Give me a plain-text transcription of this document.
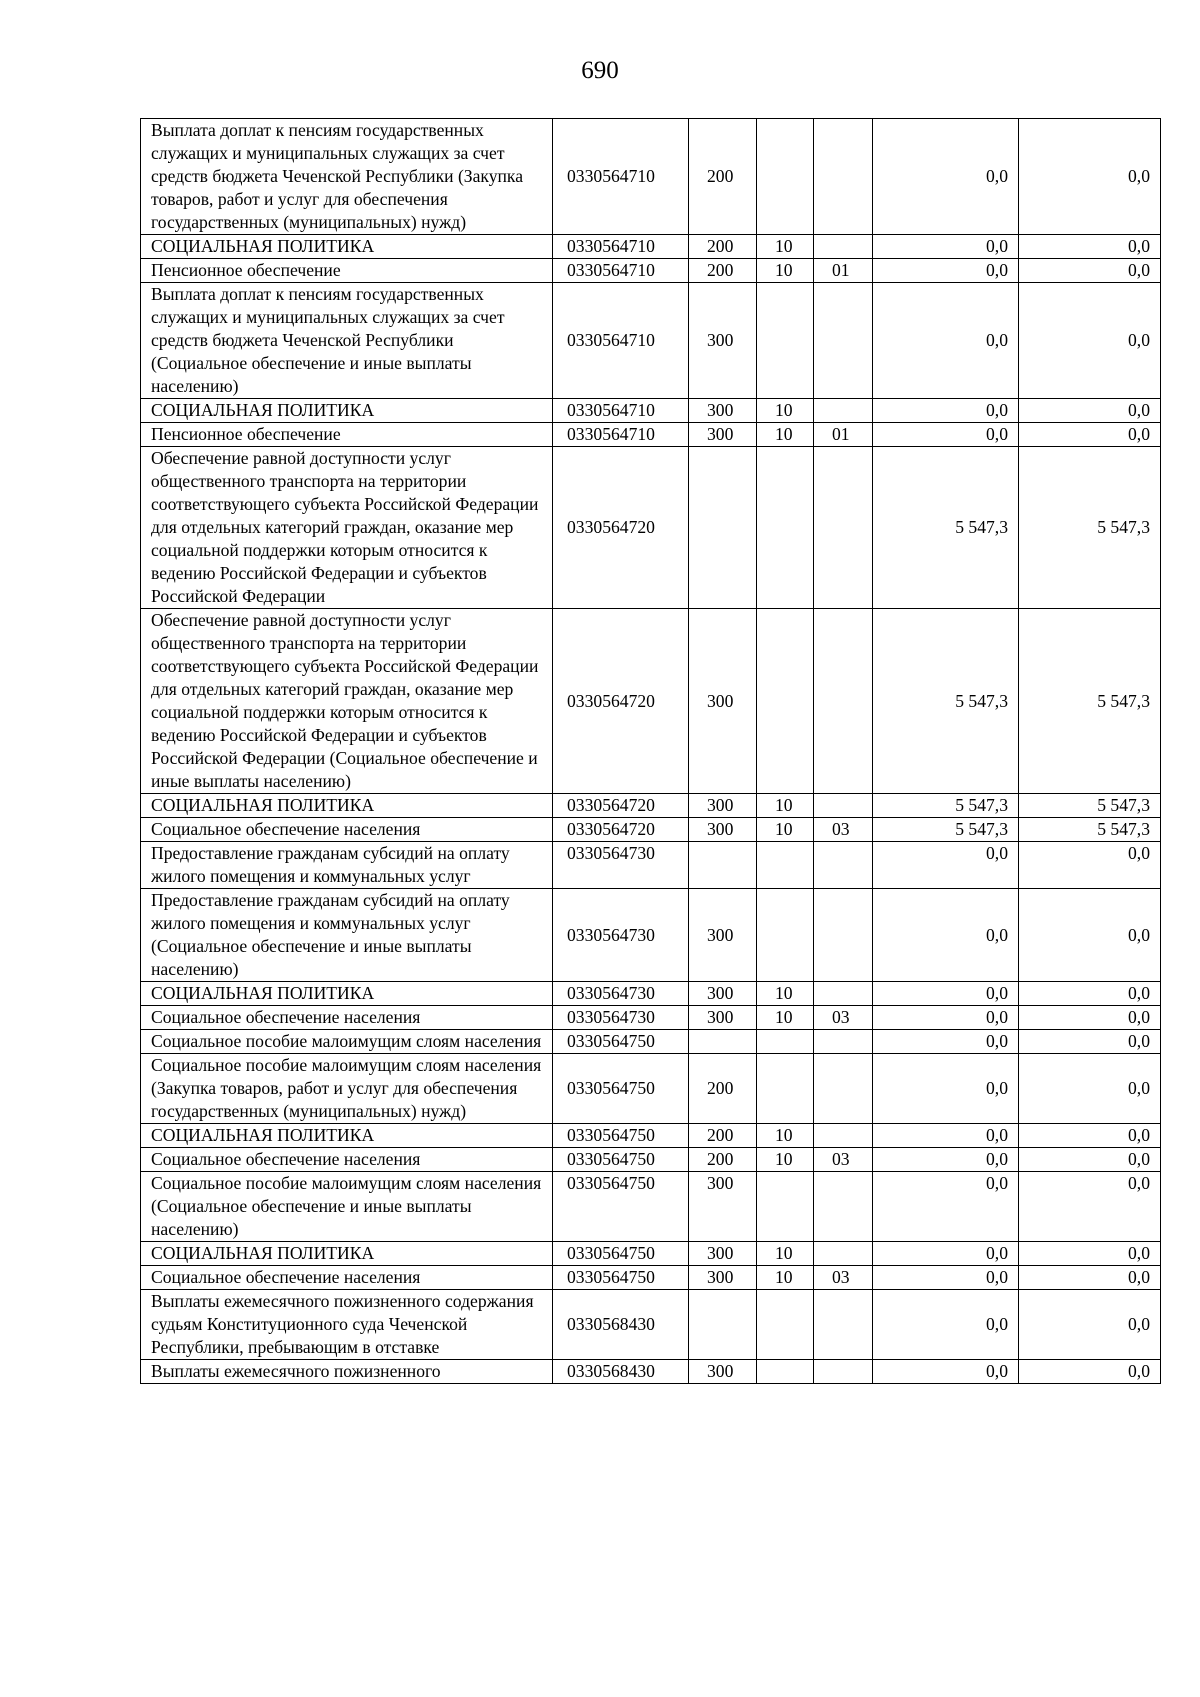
690
Выплата доплат к пенсиям государственных служащих и муниципальных служащих за счет средств бюджета Чеченской Республики (Закупка товаров, работ и услуг для обеспечения государственных (муниципальных) нужд)	0330564710	200			0,0	0,0
СОЦИАЛЬНАЯ ПОЛИТИКА	0330564710	200	10		0,0	0,0
Пенсионное обеспечение	0330564710	200	10	01	0,0	0,0
Выплата доплат к пенсиям государственных служащих и муниципальных служащих за счет средств бюджета Чеченской Республики (Социальное обеспечение и иные выплаты населению)	0330564710	300			0,0	0,0
СОЦИАЛЬНАЯ ПОЛИТИКА	0330564710	300	10		0,0	0,0
Пенсионное обеспечение	0330564710	300	10	01	0,0	0,0
Обеспечение равной доступности услуг общественного транспорта на территории соответствующего субъекта Российской Федерации для отдельных категорий граждан, оказание мер социальной поддержки которым относится к ведению Российской Федерации и субъектов Российской Федерации	0330564720				5 547,3	5 547,3
Обеспечение равной доступности услуг общественного транспорта на территории соответствующего субъекта Российской Федерации для отдельных категорий граждан, оказание мер социальной поддержки которым относится к ведению Российской Федерации и субъектов Российской Федерации (Социальное обеспечение и иные выплаты населению)	0330564720	300			5 547,3	5 547,3
СОЦИАЛЬНАЯ ПОЛИТИКА	0330564720	300	10		5 547,3	5 547,3
Социальное обеспечение населения	0330564720	300	10	03	5 547,3	5 547,3
Предоставление гражданам субсидий на оплату жилого помещения и коммунальных услуг	0330564730				0,0	0,0
Предоставление гражданам субсидий на оплату жилого помещения и коммунальных услуг (Социальное обеспечение и иные выплаты населению)	0330564730	300			0,0	0,0
СОЦИАЛЬНАЯ ПОЛИТИКА	0330564730	300	10		0,0	0,0
Социальное обеспечение населения	0330564730	300	10	03	0,0	0,0
Социальное пособие малоимущим слоям населения	0330564750				0,0	0,0
Социальное пособие малоимущим слоям населения (Закупка товаров, работ и услуг для обеспечения государственных (муниципальных) нужд)	0330564750	200			0,0	0,0
СОЦИАЛЬНАЯ ПОЛИТИКА	0330564750	200	10		0,0	0,0
Социальное обеспечение населения	0330564750	200	10	03	0,0	0,0
Социальное пособие малоимущим слоям населения (Социальное обеспечение и иные выплаты населению)	0330564750	300			0,0	0,0
СОЦИАЛЬНАЯ ПОЛИТИКА	0330564750	300	10		0,0	0,0
Социальное обеспечение населения	0330564750	300	10	03	0,0	0,0
Выплаты ежемесячного пожизненного содержания судьям Конституционного суда Чеченской Республики, пребывающим в отставке	0330568430				0,0	0,0
Выплаты ежемесячного пожизненного	0330568430	300			0,0	0,0
